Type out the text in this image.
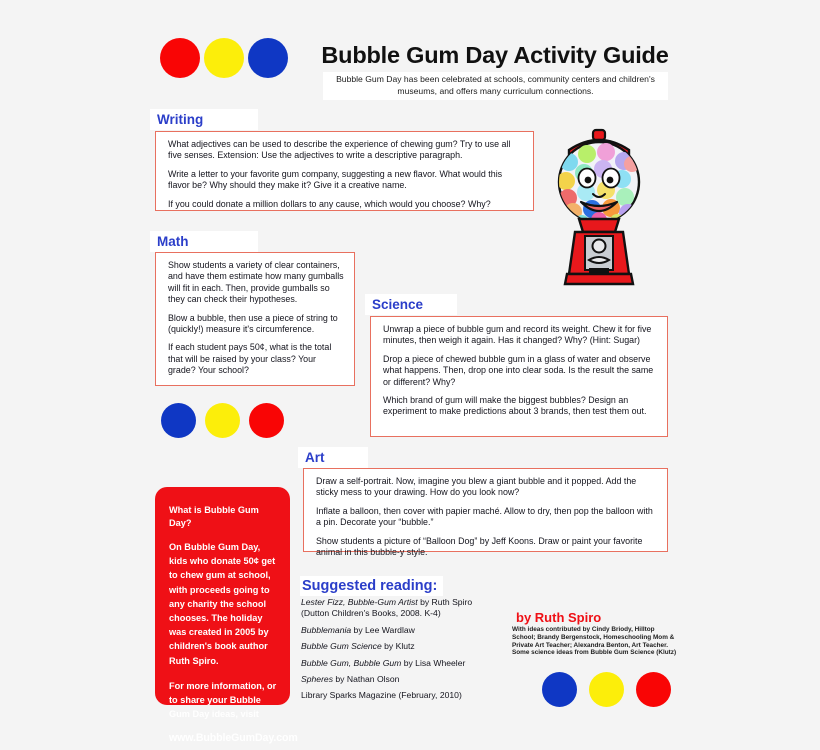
Bubble Gum Day Activity Guide
Bubble Gum Day has been celebrated at schools, community centers and children's museums, and offers many curriculum connections.
Writing

What adjectives can be used to describe the experience of chewing gum? Try to use all five senses. Extension: Use the adjectives to write a descriptive paragraph.

Write a letter to your favorite gum company, suggesting a new flavor. What would this flavor be? Why should they make it? Give it a creative name.

If you could donate a million dollars to any cause, which would you choose? Why?

Math

Show students a variety of clear containers, and have them estimate how many gumballs will fit in each. Then, provide gumballs so they can check their hypotheses.

Blow a bubble, then use a piece of string to (quickly!) measure it's circumference.

If each student pays 50¢, what is the total that will be raised by your class? Your grade? Your school?

Science

Unwrap a piece of bubble gum and record its weight. Chew it for five minutes, then weigh it again. Has it changed? Why? (Hint: Sugar)

Drop a piece of chewed bubble gum in a glass of water and observe what happens. Then, drop one into clear soda. Is the result the same or different? Why?

Which brand of gum will make the biggest bubbles? Design an experiment to make predictions about 3 brands, then test them out.

Art

Draw a self-portrait. Now, imagine you blew a giant bubble and it popped. Add the sticky mess to your drawing. How do you look now?

Inflate a balloon, then cover with papier maché. Allow to dry, then pop the balloon with a pin. Decorate your “bubble.”

Show students a picture of “Balloon Dog” by Jeff Koons. Draw or paint your favorite animal in this bubble-y style.

What is Bubble Gum Day?

On Bubble Gum Day, kids who donate 50¢ get to chew gum at school, with proceeds going to any charity the school chooses. The holiday was created in 2005 by children's book author Ruth Spiro.

For more information, or to share your Bubble Gum Day ideas, visit

www.BubbleGumDay.com

Suggested reading:
Lester Fizz, Bubble-Gum Artist by Ruth Spiro (Dutton Children's Books, 2008. K-4)
Bubblemania by Lee Wardlaw
Bubble Gum Science by Klutz
Bubble Gum, Bubble Gum by Lisa Wheeler
Spheres by Nathan Olson
Library Sparks Magazine (February, 2010)
by Ruth Spiro
With ideas contributed by Cindy Briody, Hilltop School; Brandy Bergenstock, Homeschooling Mom & Private Art Teacher; Alexandra Benton, Art Teacher. Some science ideas from Bubble Gum Science (Klutz)
